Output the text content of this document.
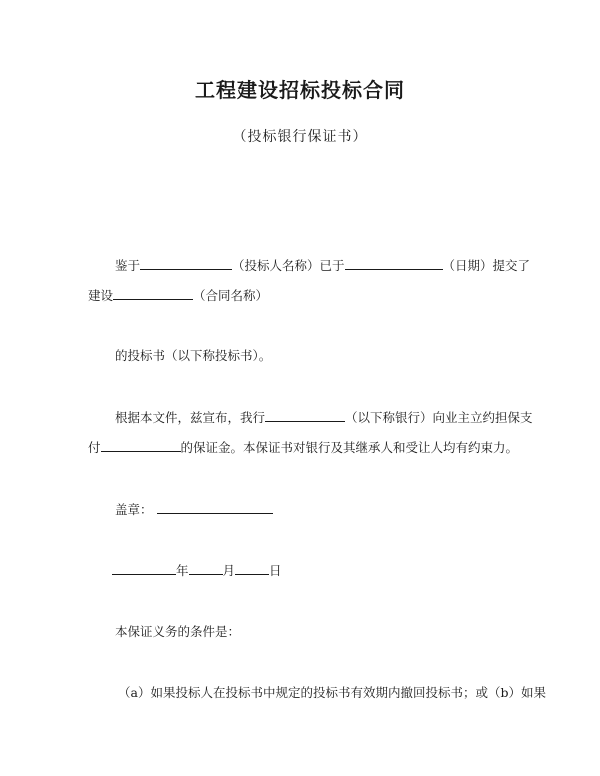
工程建设招标投标合同
（投标银行保证书）
鉴于	（投标人名称）已于	（日期）提交了
建设	（合同名称）
的投标书（以下称投标书）。
根据本文件，兹宣布，我行	（以下称银行）向业主立约担保支
付	的保证金。本保证书对银行及其继承人和受让人均有约束力。
盖章：
年	月	日
本保证义务的条件是：
（a）如果投标人在投标书中规定的投标书有效期内撤回投标书；或（b）如果
